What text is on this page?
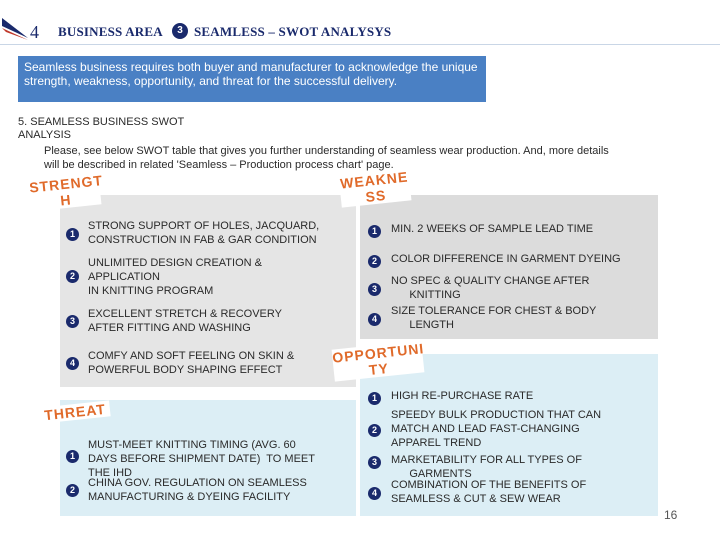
4 BUSINESS AREA	3 SEAMLESS – SWOT ANALYSYS
Seamless business requires both buyer and manufacturer to acknowledge the unique strength, weakness, opportunity, and threat for the successful delivery.
5. SEAMLESS BUSINESS SWOT
ANALYSIS
Please, see below SWOT table that gives you further understanding of seamless wear production. And, more details
will be described in related 'Seamless – Production process chart' page.
STRENGT
H
WEAKNE
SS
OPPORTUNI
TY
THREAT
1
STRONG SUPPORT OF HOLES, JACQUARD,
CONSTRUCTION IN FAB & GAR CONDITION
2
UNLIMITED DESIGN CREATION &
APPLICATION
IN KNITTING PROGRAM
3
EXCELLENT STRETCH & RECOVERY
AFTER FITTING AND WASHING
4
COMFY AND SOFT FEELING ON SKIN &
POWERFUL BODY SHAPING EFFECT
1	MIN. 2 WEEKS OF SAMPLE LEAD TIME
2	COLOR DIFFERENCE IN GARMENT DYEING
3
NO SPEC & QUALITY CHANGE AFTER
KNITTING
4
SIZE TOLERANCE FOR CHEST & BODY
LENGTH
1	HIGH RE-PURCHASE RATE
2
SPEEDY BULK PRODUCTION THAT CAN
MATCH AND LEAD FAST-CHANGING
APPAREL TREND
3	MARKETABILITY FOR ALL TYPES OF
GARMENTS
4
COMBINATION OF THE BENEFITS OF
SEAMLESS & CUT & SEW WEAR
1
MUST-MEET KNITTING TIMING (AVG. 60
DAYS BEFORE SHIPMENT DATE)  TO MEET
THE IHD
2
CHINA GOV. REGULATION ON SEAMLESS
MANUFACTURING & DYEING FACILITY
16
